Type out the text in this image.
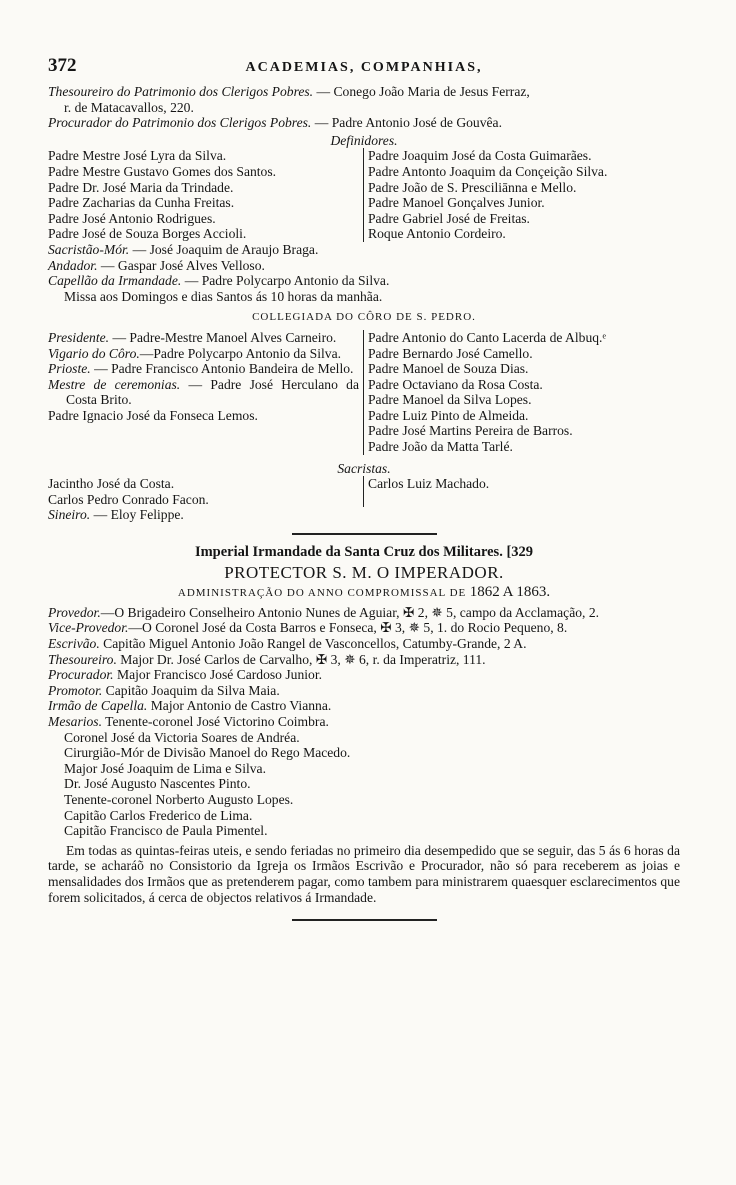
372	ACADEMIAS, COMPANHIAS,
Thesoureiro do Patrimonio dos Clerigos Pobres. — Conego João Maria de Jesus Ferraz,
r. de Matacavallos, 220.
Procurador do Patrimonio dos Clerigos Pobres. — Padre Antonio José de Gouvêa.
Definidores.
Padre Mestre José Lyra da Silva.
Padre Mestre Gustavo Gomes dos Santos.
Padre Dr. José Maria da Trindade.
Padre Zacharias da Cunha Freitas.
Padre José Antonio Rodrigues.
Padre José de Souza Borges Accioli.
Padre Joaquim José da Costa Guimarães.
Padre Antonto Joaquim da Conçeição Silva.
Padre João de S. Presciliānna e Mello.
Padre Manoel Gonçalves Junior.
Padre Gabriel José de Freitas.
Roque Antonio Cordeiro.
Sacristão-Mór. — José Joaquim de Araujo Braga.
Andador. — Gaspar José Alves Velloso.
Capellão da Irmandade. — Padre Polycarpo Antonio da Silva.
Missa aos Domingos e dias Santos ás 10 horas da manhãa.
COLLEGIADA DO CÔRO DE S. PEDRO.
Presidente. — Padre-Mestre Manoel Alves Carneiro.
Vigario do Côro.—Padre Polycarpo Antonio da Silva.
Prioste. — Padre Francisco Antonio Bandeira de Mello.
Mestre de ceremonias. — Padre José Herculano da Costa Brito.
Padre Ignacio José da Fonseca Lemos.
Padre Antonio do Canto Lacerda de Albuq.ᵉ
Padre Bernardo José Camello.
Padre Manoel de Souza Dias.
Padre Octaviano da Rosa Costa.
Padre Manoel da Silva Lopes.
Padre Luiz Pinto de Almeida.
Padre José Martins Pereira de Barros.
Padre João da Matta Tarlé.
Sacristas.
Jacintho José da Costa.
Carlos Pedro Conrado Facon.
Carlos Luiz Machado.

Sineiro. — Eloy Felippe.
Imperial Irmandade da Santa Cruz dos Militares. [329
PROTECTOR S. M. O IMPERADOR.
ADMINISTRAÇÃO DO ANNO COMPROMISSAL DE 1862 A 1863.
Provedor.—O Brigadeiro Conselheiro Antonio Nunes de Aguiar, ✠ 2, ✵ 5, campo da Acclamação, 2.
Vice-Provedor.—O Coronel José da Costa Barros e Fonseca, ✠ 3, ✵ 5, 1. do Rocio Pequeno, 8.
Escrivão. Capitão Miguel Antonio João Rangel de Vasconcellos, Catumby-Grande, 2 A.
Thesoureiro. Major Dr. José Carlos de Carvalho, ✠ 3, ✵ 6, r. da Imperatriz, 111.
Procurador. Major Francisco José Cardoso Junior.
Promotor. Capitão Joaquim da Silva Maia.
Irmão de Capella. Major Antonio de Castro Vianna.
Mesarios. Tenente-coronel José Victorino Coimbra.
Coronel José da Victoria Soares de Andréa.
Cirurgião-Mór de Divisão Manoel do Rego Macedo.
Major José Joaquim de Lima e Silva.
Dr. José Augusto Nascentes Pinto.
Tenente-coronel Norberto Augusto Lopes.
Capitão Carlos Frederico de Lima.
Capitão Francisco de Paula Pimentel.
Em todas as quintas-feiras uteis, e sendo feriadas no primeiro dia desempedido que se seguir, das 5 ás 6 horas da tarde, se acharáõ no Consistorio da Igreja os Irmãos Escrivão e Procurador, não só para receberem as joias e mensalidades dos Irmãos que as pretenderem pagar, como tambem para ministrarem quaesquer esclarecimentos que forem solicitados, á cerca de objectos relativos á Irmandade.
